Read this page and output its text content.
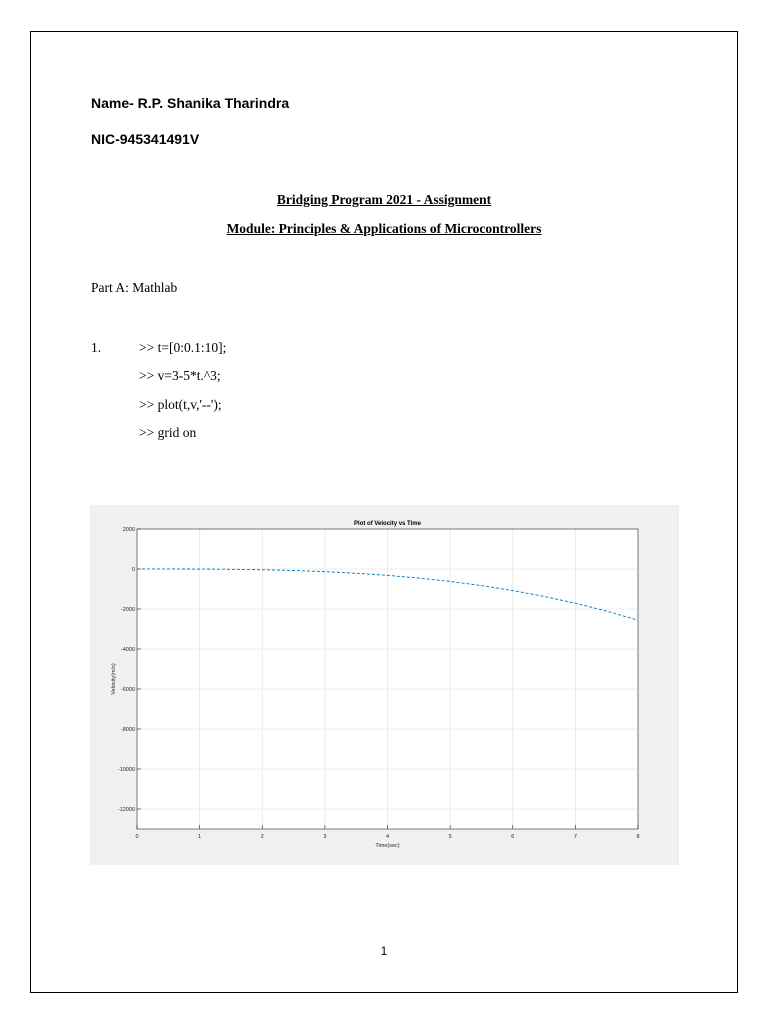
Name- R.P. Shanika Tharindra
NIC-945341491V
Bridging Program 2021 - Assignment
Module: Principles & Applications of Microcontrollers
Part A: Mathlab
1.	>> t=[0:0.1:10];
>> v=3-5*t.^3;
>> plot(t,v,'--');
>> grid on
0	1	2	3	4	5	6	7	8
2000
0
-2000
-4000
-6000
-8000
-10000
-12000
Plot of Velocity vs Time
Time(sec)
Velocity(m/s)
1
